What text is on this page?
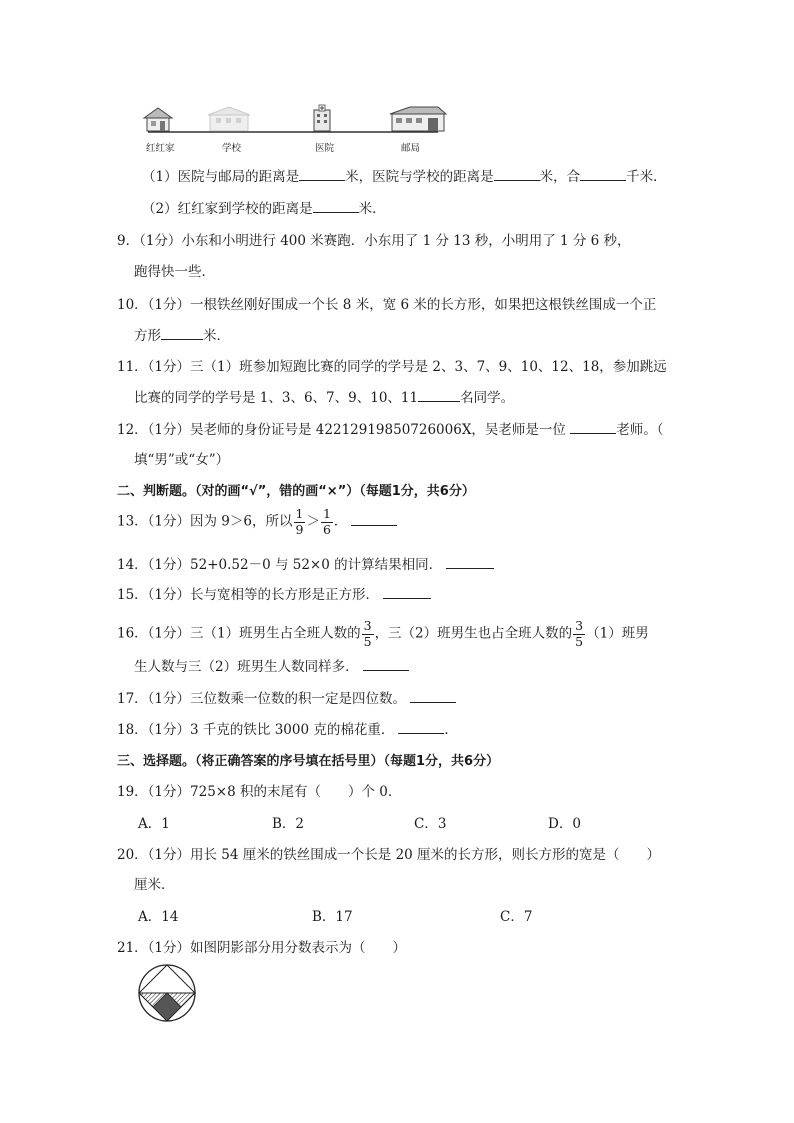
红红家	学校	医院	邮局
（1）医院与邮局的距离是	米，医院与学校的距离是	米，合	千米．
（2）红红家到学校的距离是	米．
9．（1分）小东和小明进行 400 米赛跑．小东用了 1 分 13 秒，小明用了 1 分 6 秒，
跑得快一些．
10．（1分）一根铁丝刚好围成一个长 8 米，宽 6 米的长方形，如果把这根铁丝围成一个正
方形	米．
11．（1分）三（1）班参加短跑比赛的同学的学号是 2、3、7、9、10、12、18，参加跳远
比赛的同学的学号是 1、3、6、7、9、10、11	名同学。
12．（1分）吴老师的身份证号是 42212919850726006X，吴老师是一位	老师。（
填“男”或“女”）
二、判断题。（对的画“√”，错的画“×”）（每题1分，共6分）
13．（1分）因为 9＞6，所以 $\frac{1}{9} > \frac{1}{6}$ ．
14．（1分）52+0.52－0 与 52×0 的计算结果相同．
15．（1分）长与宽相等的长方形是正方形．
16．（1分）三（1）班男生占全班人数的 $\frac{3}{5}$ ，三（2）班男生也占全班人数的 $\frac{3}{5} (1)$班男
生人数与三（2）班男生人数同样多．
17．（1分）三位数乘一位数的积一定是四位数。
18．（1分）3 千克的铁比 3000 克的棉花重．	．
三、选择题。（将正确答案的序号填在括号里）（每题1分，共6分）
19．（1分）725×8 积的末尾有（　　）个 0．
A．1	B．2	C．3	D．0
20．（1分）用长 54 厘米的铁丝围成一个长是 20 厘米的长方形，则长方形的宽是（　　）
厘米．
A．14	B．17	C．7
21．（1分）如图阴影部分用分数表示为（　　）
